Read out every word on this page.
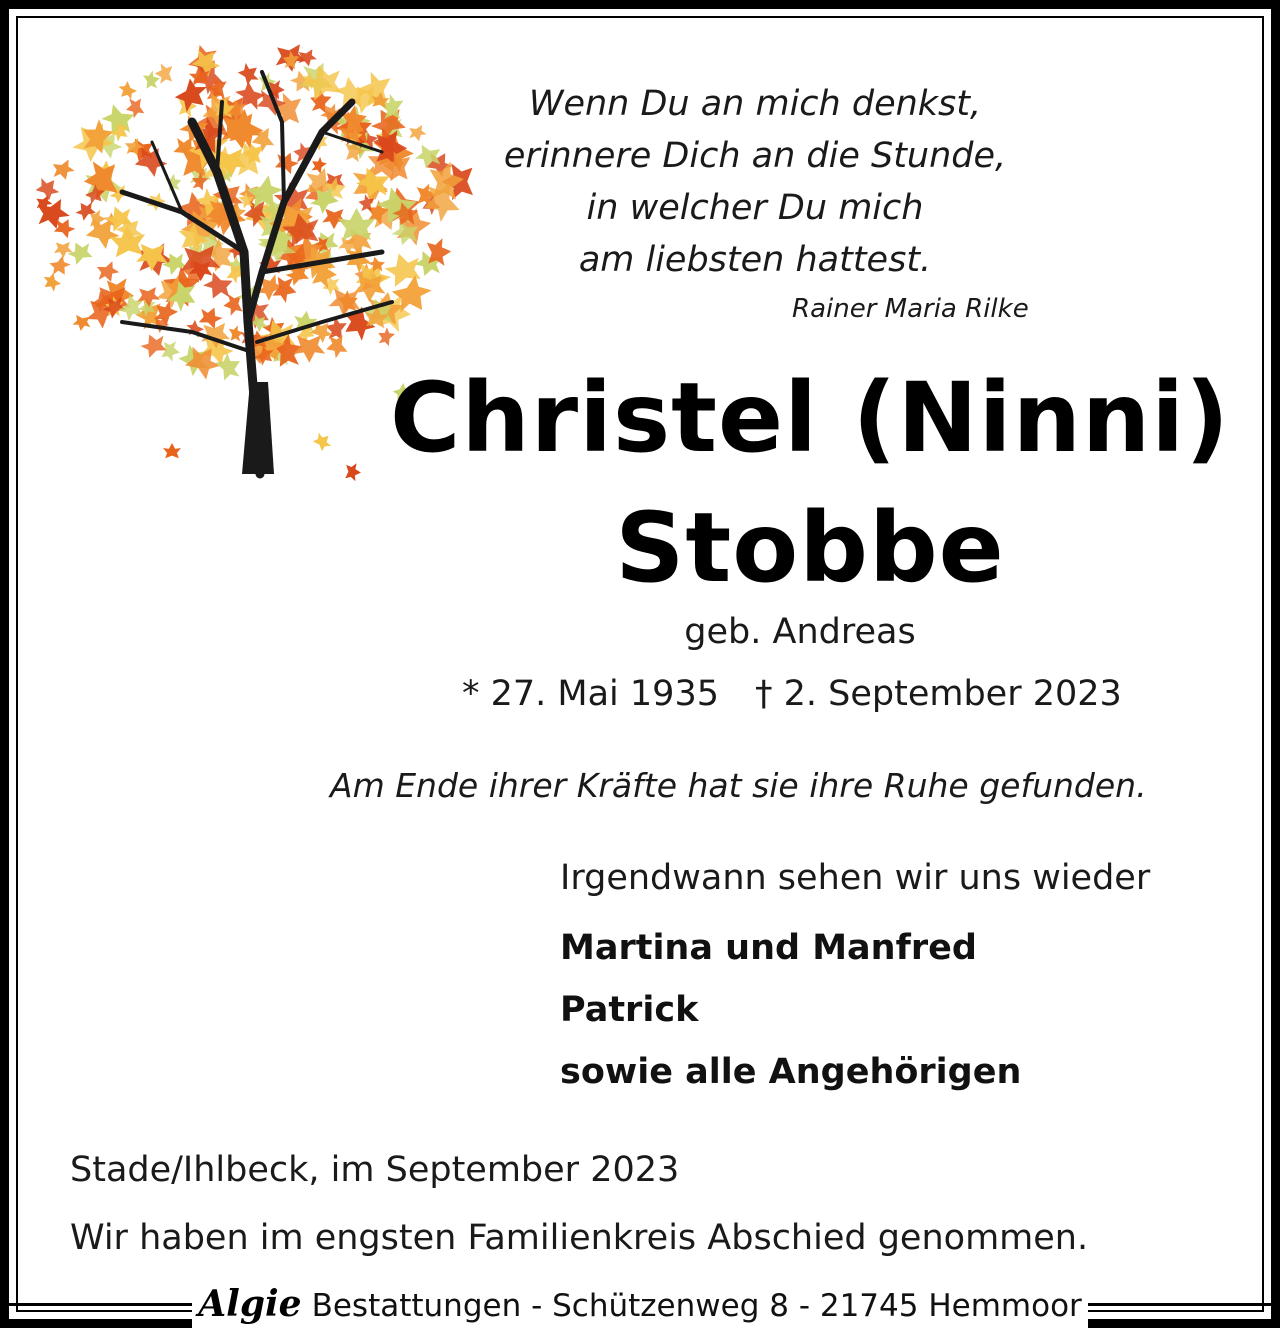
Wenn Du an mich denkst,
erinnere Dich an die Stunde,
in welcher Du mich
am liebsten hattest.
Rainer Maria Rilke
Christel (Ninni)
Stobbe
geb. Andreas
* 27. Mai 1935 † 2. September 2023
Am Ende ihrer Kräfte hat sie ihre Ruhe gefunden.
Irgendwann sehen wir uns wieder
Martina und Manfred
Patrick
sowie alle Angehörigen
Stade/Ihlbeck, im September 2023
Wir haben im engsten Familienkreis Abschied genommen.
Algie Bestattungen - Schützenweg 8 - 21745 Hemmoor
